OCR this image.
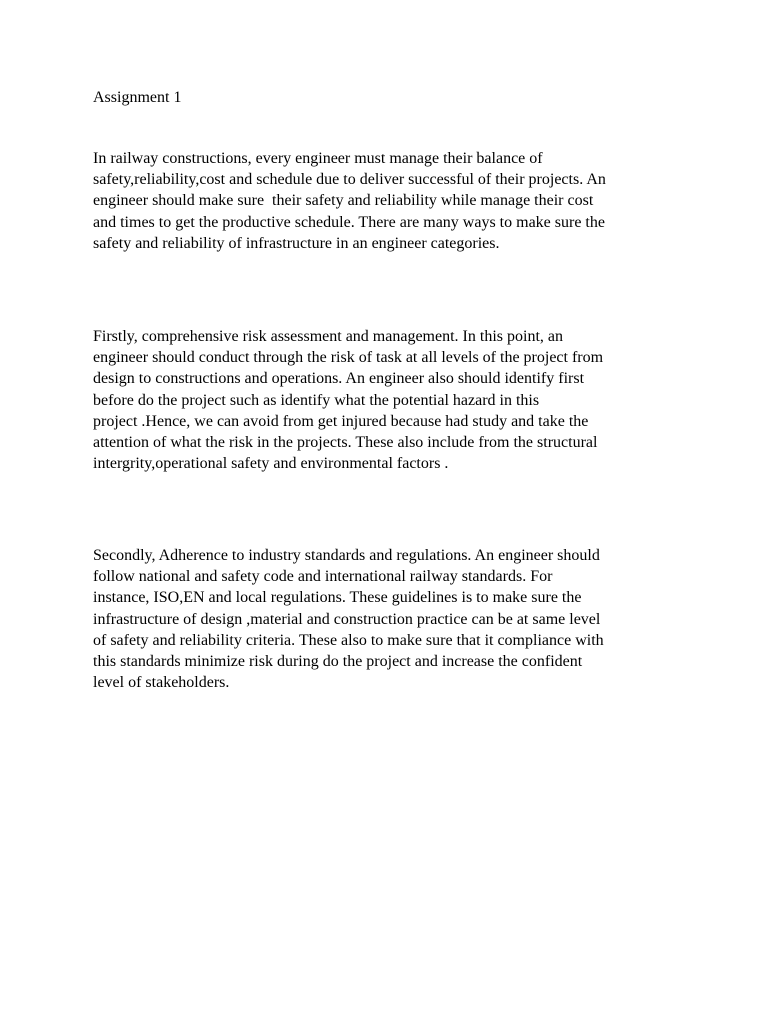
Assignment 1

In railway constructions, every engineer must manage their balance of
safety,reliability,cost and schedule due to deliver successful of their projects. An
engineer should make sure  their safety and reliability while manage their cost
and times to get the productive schedule. There are many ways to make sure the
safety and reliability of infrastructure in an engineer categories.

Firstly, comprehensive risk assessment and management. In this point, an
engineer should conduct through the risk of task at all levels of the project from
design to constructions and operations. An engineer also should identify first
before do the project such as identify what the potential hazard in this
project .Hence, we can avoid from get injured because had study and take the
attention of what the risk in the projects. These also include from the structural
intergrity,operational safety and environmental factors .

Secondly, Adherence to industry standards and regulations. An engineer should
follow national and safety code and international railway standards. For
instance, ISO,EN and local regulations. These guidelines is to make sure the
infrastructure of design ,material and construction practice can be at same level
of safety and reliability criteria. These also to make sure that it compliance with
this standards minimize risk during do the project and increase the confident
level of stakeholders.
